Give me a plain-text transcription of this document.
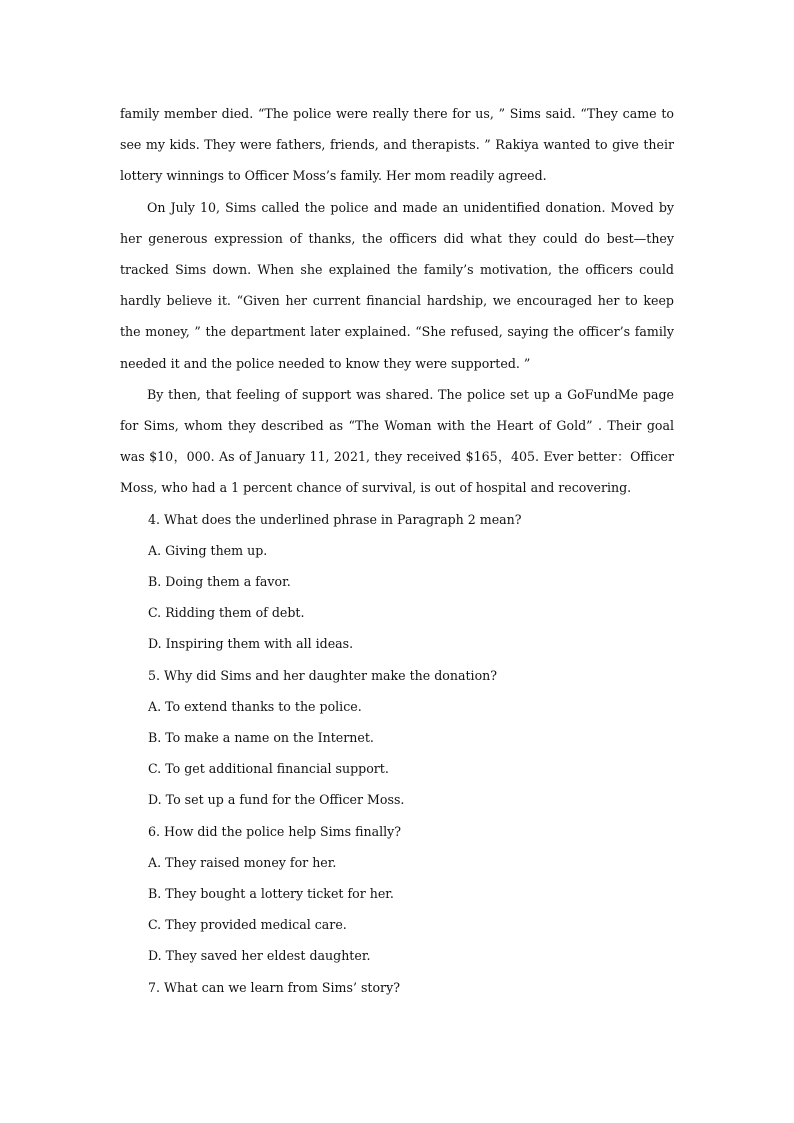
family member died. “The police were really there for us, ” Sims said. “They came to see my kids. They were fathers, friends, and therapists. ” Rakiya wanted to give their lottery winnings to Officer Moss’s family. Her mom readily agreed.

On July 10, Sims called the police and made an unidentified donation. Moved by her generous expression of thanks, the officers did what they could do best—they tracked Sims down. When she explained the family’s motivation, the officers could hardly believe it. “Given her current financial hardship, we encouraged her to keep the money, ” the department later explained. “She refused, saying the officer’s family needed it and the police needed to know they were supported. ”

By then, that feeling of support was shared. The police set up a GoFundMe page for Sims, whom they described as “The Woman with the Heart of Gold” . Their goal was $10，000. As of January 11, 2021, they received $165，405. Ever better：Officer Moss, who had a 1 percent chance of survival, is out of hospital and recovering.

4. What does the underlined phrase in Paragraph 2 mean?

A. Giving them up.

B. Doing them a favor.

C. Ridding them of debt.

D. Inspiring them with all ideas.

5. Why did Sims and her daughter make the donation?

A. To extend thanks to the police.

B. To make a name on the Internet.

C. To get additional financial support.

D. To set up a fund for the Officer Moss.

6. How did the police help Sims finally?

A. They raised money for her.

B. They bought a lottery ticket for her.

C. They provided medical care.

D. They saved her eldest daughter.

7. What can we learn from Sims’ story?
